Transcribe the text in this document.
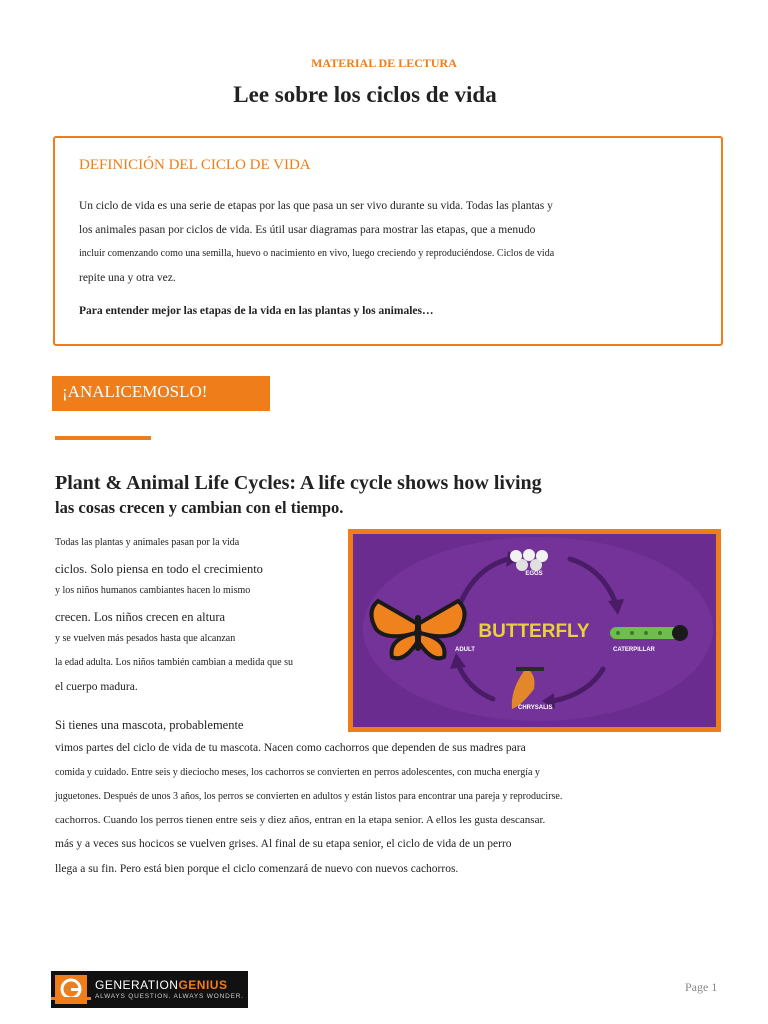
MATERIAL DE LECTURA
Lee sobre los ciclos de vida
DEFINICIÓN DEL CICLO DE VIDA
Un ciclo de vida es una serie de etapas por las que pasa un ser vivo durante su vida. Todas las plantas y
los animales pasan por ciclos de vida. Es útil usar diagramas para mostrar las etapas, que a menudo
incluir comenzando como una semilla, huevo o nacimiento en vivo, luego creciendo y reproduciéndose. Ciclos de vida
repite una y otra vez.
Para entender mejor las etapas de la vida en las plantas y los animales…
¡ANALICEMOSLO!
Plant & Animal Life Cycles: A life cycle shows how living
las cosas crecen y cambian con el tiempo.
Todas las plantas y animales pasan por la vida
ciclos. Solo piensa en todo el crecimiento
y los niños humanos cambiantes hacen lo mismo
crecen. Los niños crecen en altura
y se vuelven más pesados hasta que alcanzan
la edad adulta. Los niños también cambian a medida que su
el cuerpo madura.
EGGS
BUTTERFLY
CATERPILLAR
ADULT
CHRYSALIS
Si tienes una mascota, probablemente
vimos partes del ciclo de vida de tu mascota. Nacen como cachorros que dependen de sus madres para
comida y cuidado. Entre seis y dieciocho meses, los cachorros se convierten en perros adolescentes, con mucha energía y
juguetones. Después de unos 3 años, los perros se convierten en adultos y están listos para encontrar una pareja y reproducirse.
cachorros. Cuando los perros tienen entre seis y diez años, entran en la etapa senior. A ellos les gusta descansar.
más y a veces sus hocicos se vuelven grises. Al final de su etapa senior, el ciclo de vida de un perro
llega a su fin. Pero está bien porque el ciclo comenzará de nuevo con nuevos cachorros.
GENERATIONGENIUS
ALWAYS QUESTION. ALWAYS WONDER.
Page 1
